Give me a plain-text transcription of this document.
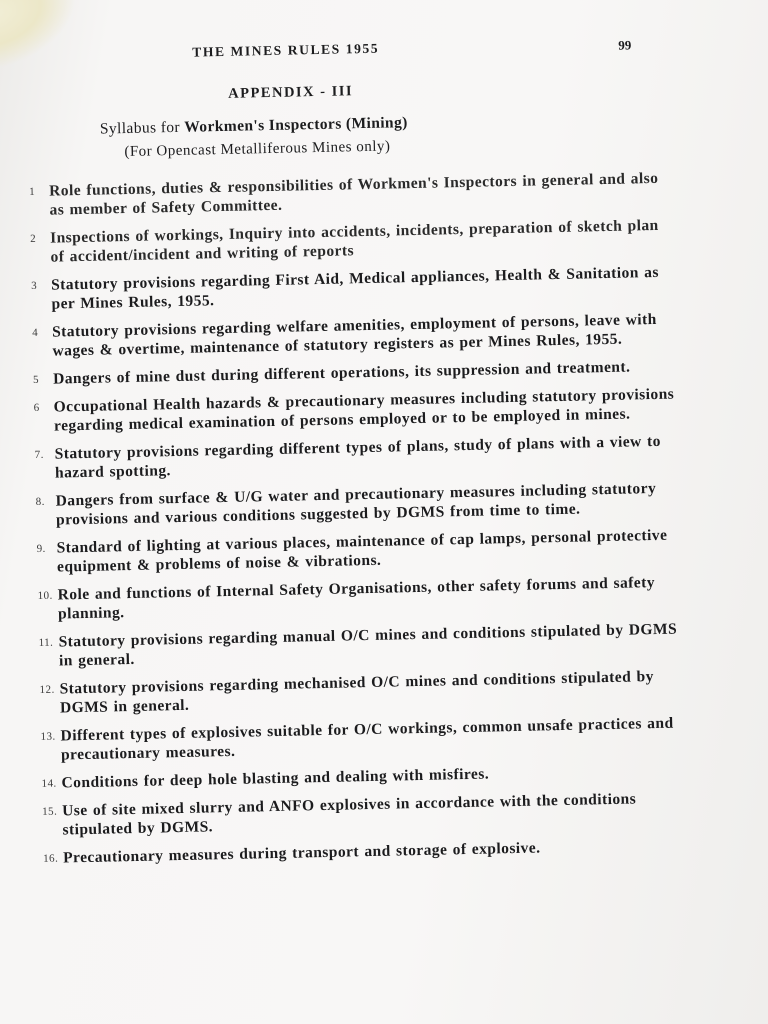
THE MINES RULES 1955	99
APPENDIX - III
Syllabus for Workmen's Inspectors (Mining)
(For Opencast Metalliferous Mines only)
1 Role functions, duties & responsibilities of Workmen's Inspectors in general and also as member of Safety Committee.
2 Inspections of workings, Inquiry into accidents, incidents, preparation of sketch plan of accident/incident and writing of reports
3 Statutory provisions regarding First Aid, Medical appliances, Health & Sanitation as per Mines Rules, 1955.
4 Statutory provisions regarding welfare amenities, employment of persons, leave with wages & overtime, maintenance of statutory registers as per Mines Rules, 1955.
5 Dangers of mine dust during different operations, its suppression and treatment.
6 Occupational Health hazards & precautionary measures including statutory provisions regarding medical examination of persons employed or to be employed in mines.
7. Statutory provisions regarding different types of plans, study of plans with a view to hazard spotting.
8. Dangers from surface & U/G water and precautionary measures including statutory provisions and various conditions suggested by DGMS from time to time.
9. Standard of lighting at various places, maintenance of cap lamps, personal protective equipment & problems of noise & vibrations.
10. Role and functions of Internal Safety Organisations, other safety forums and safety planning.
11. Statutory provisions regarding manual O/C mines and conditions stipulated by DGMS in general.
12. Statutory provisions regarding mechanised O/C mines and conditions stipulated by DGMS in general.
13. Different types of explosives suitable for O/C workings, common unsafe practices and precautionary measures.
14. Conditions for deep hole blasting and dealing with misfires.
15. Use of site mixed slurry and ANFO explosives in accordance with the conditions stipulated by DGMS.
16. Precautionary measures during transport and storage of explosive.
